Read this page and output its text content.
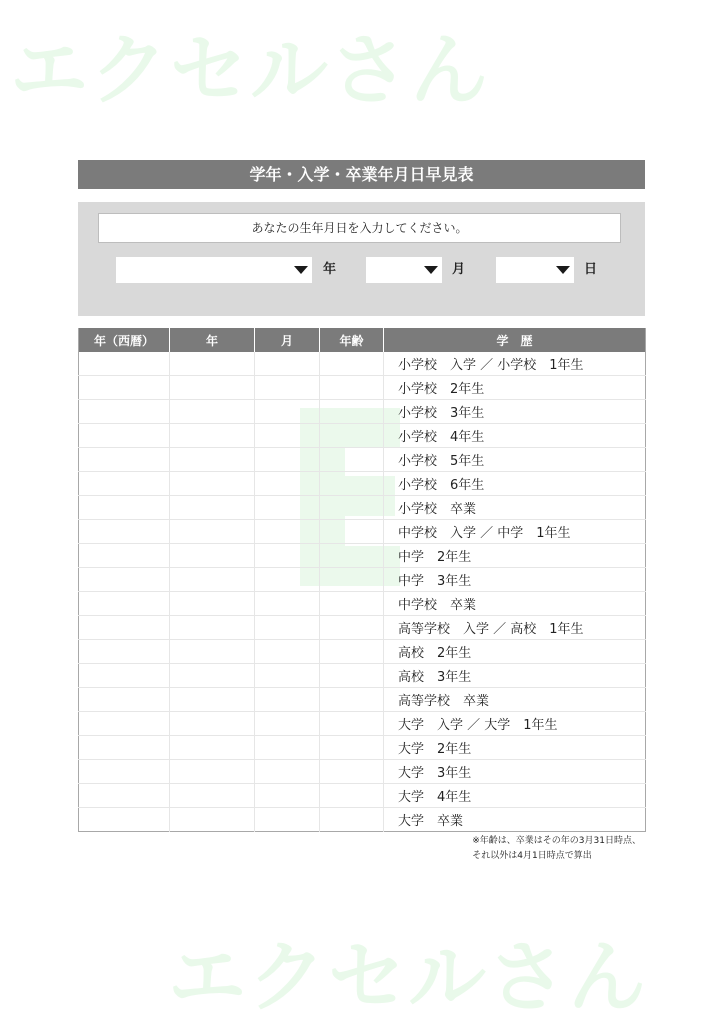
エクセルさん
エクセルさん
学年・入学・卒業年月日早見表
あなたの生年月日を入力してください。
年	月	日
年（西暦）	年	月	年齢	学　歴
				小学校　入学 ／ 小学校　1年生
				小学校　2年生
				小学校　3年生
				小学校　4年生
				小学校　5年生
				小学校　6年生
				小学校　卒業
				中学校　入学 ／ 中学　1年生
				中学　2年生
				中学　3年生
				中学校　卒業
				高等学校　入学 ／ 高校　1年生
				高校　2年生
				高校　3年生
				高等学校　卒業
				大学　入学 ／ 大学　1年生
				大学　2年生
				大学　3年生
				大学　4年生
				大学　卒業
※年齢は、卒業はその年の3月31日時点、
それ以外は4月1日時点で算出
